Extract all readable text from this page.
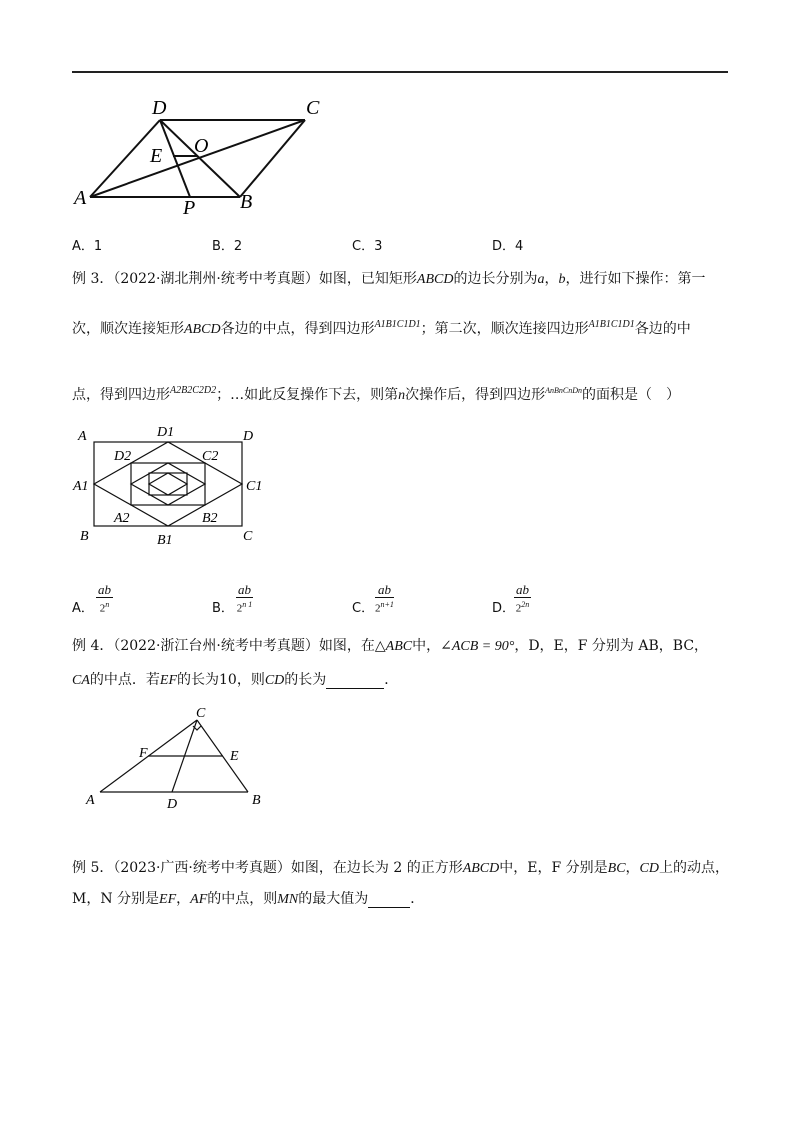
D	C
E O
A	P B
A．1	B．2	C．3	D．4
例 3．（2022·湖北荆州·统考中考真题）如图，已知矩形ABCD的边长分别为a，b，进行如下操作：第一
次，顺次连接矩形ABCD各边的中点，得到四边形$^{A1B1C1D1}$；第二次，顺次连接四边形$^{A1B1C1D1}$各边的中
点，得到四边形$^{A2B2C2D2}$；…如此反复操作下去，则第n次操作后，得到四边形$^{AnBnCnDn}$的面积是（　）
A	D1	D
D2	C2
A1	C1
A2	B2
B	B1	C
A．
ab
2$^n$	B．
ab
$2^{n 1}$	C．
ab
$2^{n+1}$	D．
ab
$2^{2n}$
例 4．（2022·浙江台州·统考中考真题）如图，在△ABC中，∠ACB = 90°，D，E，F 分别为 AB，BC，
CA的中点．若EF的长为10，则CD的长为	．
C
F	E
A	D	B
例 5．（2023·广西·统考中考真题）如图，在边长为 2 的正方形ABCD中，E，F 分别是BC，CD上的动点，
M，N 分别是EF，AF的中点，则MN的最大值为	．
